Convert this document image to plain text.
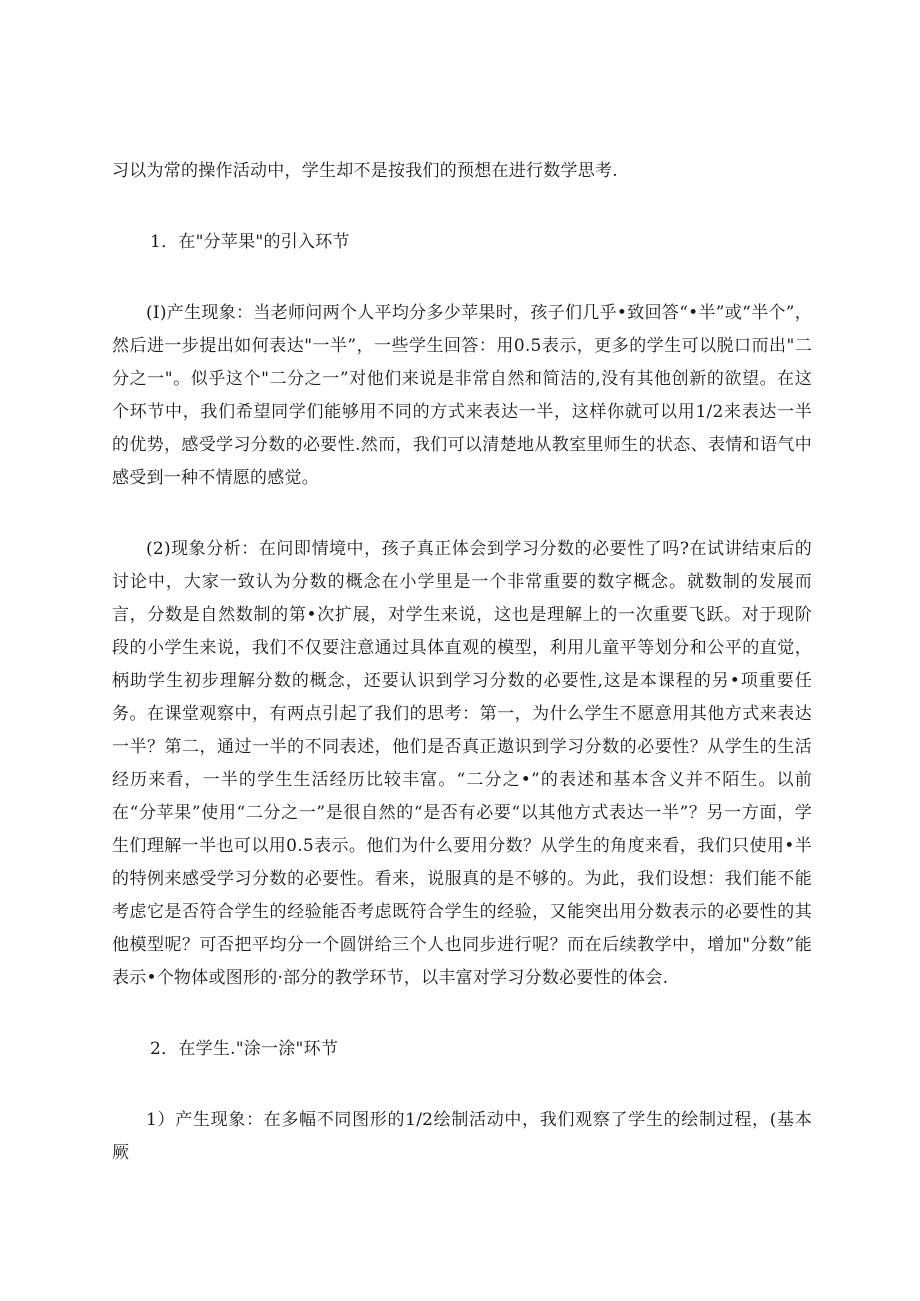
习以为常的操作活动中，学生却不是按我们的预想在进行数学思考.

1．在"分苹果"的引入环节

(I)产生现象：当老师问两个人平均分多少苹果时，孩子们几乎•致回答“•半”或“半个”，然后进一步提出如何表达"一半”，一些学生回答：用0.5表示，更多的学生可以脱口而出"二分之一"。似乎这个"二分之一”对他们来说是非常自然和简洁的,没有其他创新的欲望。在这个环节中，我们希望同学们能够用不同的方式来表达一半，这样你就可以用1/2来表达一半的优势，感受学习分数的必要性.然而，我们可以清楚地从教室里师生的状态、表情和语气中感受到一种不情愿的感觉。

(2)现象分析：在问即情境中，孩子真正体会到学习分数的必要性了吗?在试讲结束后的讨论中，大家一致认为分数的概念在小学里是一个非常重要的数字概念。就数制的发展而言，分数是自然数制的第•次扩展，对学生来说，这也是理解上的一次重要飞跃。对于现阶段的小学生来说，我们不仅要注意通过具体直观的模型，利用儿童平等划分和公平的直觉，柄助学生初步理解分数的概念，还要认识到学习分数的必要性,这是本课程的另•项重要任务。在课堂观察中，有两点引起了我们的思考：第一，为什么学生不愿意用其他方式来表达一半？第二，通过一半的不同表述，他们是否真正遨识到学习分数的必要性？从学生的生活经历来看，一半的学生生活经历比较丰富。“二分之•”的表述和基本含义并不陌生。以前在“分苹果”使用“二分之一”是很自然的“是否有必要“以其他方式表达一半”？另一方面，学生们理解一半也可以用0.5表示。他们为什么要用分数？从学生的角度来看，我们只使用•半的特例来感受学习分数的必要性。看来，说服真的是不够的。为此，我们设想：我们能不能考虑它是否符合学生的经验能否考虑既符合学生的经验，又能突出用分数表示的必要性的其他模型呢？可否把平均分一个圆饼给三个人也同步进行呢？而在后续教学中，增加"分数”能表示•个物体或图形的·部分的教学环节，以丰富对学习分数必要性的体会.

2．在学生."涂一涂"环节

1）产生现象：在多幅不同图形的1/2绘制活动中，我们观察了学生的绘制过程，(基本厥
